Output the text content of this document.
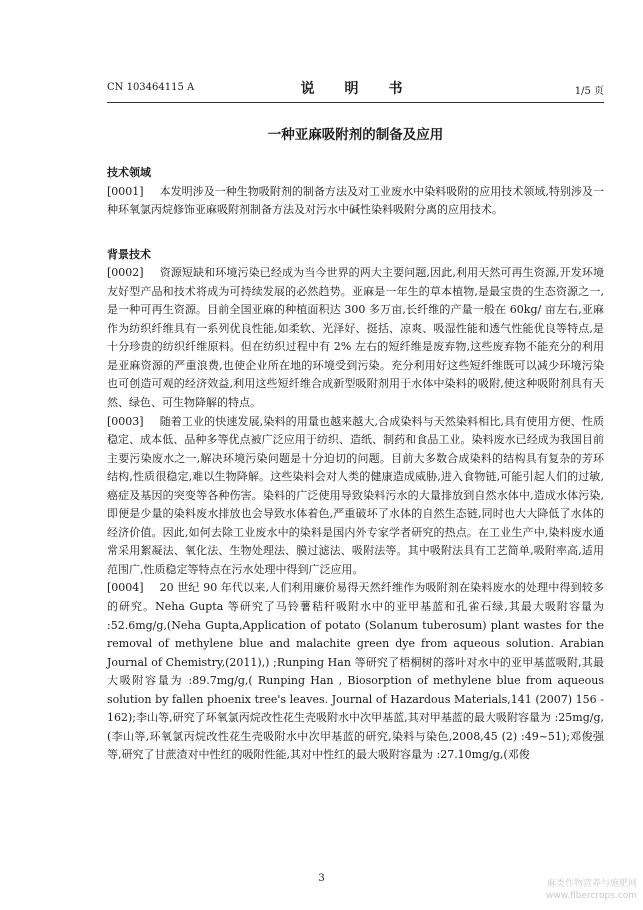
CN 103464115 A	说　明　书	1/5 页
一种亚麻吸附剂的制备及应用
技术领域

[0001] 本发明涉及一种生物吸附剂的制备方法及对工业废水中染料吸附的应用技术领域,特别涉及一种环氧氯丙烷修饰亚麻吸附剂制备方法及对污水中碱性染料吸附分离的应用技术。

背景技术

[0002] 资源短缺和环境污染已经成为当今世界的两大主要问题,因此,利用天然可再生资源,开发环境友好型产品和技术将成为可持续发展的必然趋势。亚麻是一年生的草本植物,是最宝贵的生态资源之一,是一种可再生资源。目前全国亚麻的种植面积达 300 多万亩,长纤维的产量一般在 60kg/ 亩左右,亚麻作为纺织纤维具有一系列优良性能,如柔软、光泽好、挺括、凉爽、吸湿性能和透气性能优良等特点,是十分珍贵的纺织纤维原料。但在纺织过程中有 2% 左右的短纤维是废弃物,这些废弃物不能充分的利用是亚麻资源的严重浪费,也使企业所在地的环境受到污染。充分利用好这些短纤维既可以减少环境污染也可创造可观的经济效益,利用这些短纤维合成新型吸附剂用于水体中染料的吸附,使这种吸附剂具有天然、绿色、可生物降解的特点。

[0003] 随着工业的快速发展,染料的用量也越来越大,合成染料与天然染料相比,具有使用方便、性质稳定、成本低、品种多等优点被广泛应用于纺织、造纸、制药和食品工业。染料废水已经成为我国目前主要污染废水之一,解决环境污染问题是十分迫切的问题。目前大多数合成染料的结构具有复杂的芳环结构,性质很稳定,难以生物降解。这些染料会对人类的健康造成威胁,进入食物链,可能引起人们的过敏,癌症及基因的突变等各种伤害。染料的广泛使用导致染料污水的大量排放到自然水体中,造成水体污染,即便是少量的染料废水排放也会导致水体着色,严重破坏了水体的自然生态链,同时也大大降低了水体的经济价值。因此,如何去除工业废水中的染料是国内外专家学者研究的热点。在工业生产中,染料废水通常采用絮凝法、氧化法、生物处理法、膜过滤法、吸附法等。其中吸附法具有工艺简单,吸附率高,适用范围广,性质稳定等特点在污水处理中得到广泛应用。

[0004] 20 世纪 90 年代以来,人们利用廉价易得天然纤维作为吸附剂在染料废水的处理中得到较多的研究。Neha Gupta 等研究了马铃薯秸秆吸附水中的亚甲基蓝和孔雀石绿,其最大吸附容量为 :52.6mg/g,(Neha Gupta,Application of potato (Solanum tuberosum) plant wastes for the removal of methylene blue and malachite green dye from aqueous solution. Arabian Journal of Chemistry,(2011),) ;Runping Han 等研究了梧桐树的落叶对水中的亚甲基蓝吸附,其最大吸附容量为 :89.7mg/g,( Runping Han , Biosorption of methylene blue from aqueous solution by fallen phoenix tree's leaves. Journal of Hazardous Materials,141 (2007) 156 - 162);李山等,研究了环氧氯丙烷改性花生壳吸附水中次甲基蓝,其对甲基蓝的最大吸附容量为 :25mg/g,(李山等,环氧氯丙烷改性花生壳吸附水中次甲基蓝的研究,染料与染色,2008,45 (2) :49~51);邓俊强等,研究了甘蔗渣对中性红的吸附性能,其对中性红的最大吸附容量为 :27.10mg/g,(邓俊

3	麻类作物营养与施肥网
www.fibercrops.com
